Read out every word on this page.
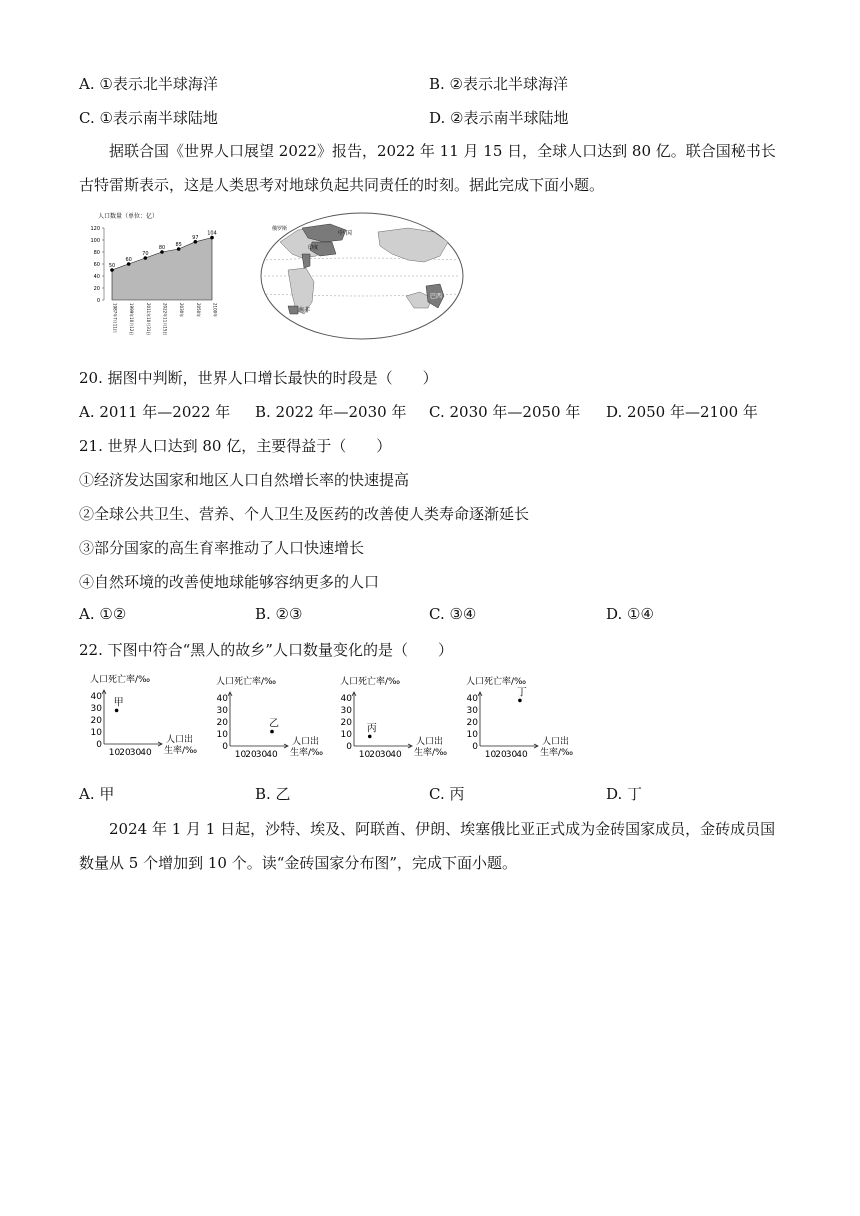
A. ①表示北半球海洋	B. ②表示北半球海洋
C. ①表示南半球陆地	D. ②表示南半球陆地
据联合国《世界人口展望 2022》报告，2022 年 11 月 15 日，全球人口达到 80 亿。联合国秘书长古特雷斯表示，这是人类思考对地球负起共同责任的时刻。据此完成下面小题。
人口数量（单位：亿）
0
20
40
60
80
100
120
50
60
70
80 85
97
104
1987年7月11日	1999年10月12日	2011年10月31日	2022年11月15日	2030年	2050年	2100年
中 国
印度
俄罗斯
巴西
南非
20. 据图中判断，世界人口增长最快的时段是（　　）
A. 2011 年—2022 年 B. 2022 年—2030 年 C. 2030 年—2050 年 D. 2050 年—2100 年
21. 世界人口达到 80 亿，主要得益于（　　）
①经济发达国家和地区人口自然增长率的快速提高
②全球公共卫生、营养、个人卫生及医药的改善使人类寿命逐渐延长
③部分国家的高生育率推动了人口快速增长
④自然环境的改善使地球能够容纳更多的人口
A. ①②	B. ②③	C. ③④	D. ①④
22. 下图中符合“黑人的故乡”人口数量变化的是（　　）
人口死亡率/‰
人口出
生率/‰
0
10
20
30
40
10 20 30 40
甲
人口死亡率/‰
人口出
生率/‰
0
10
20
30
40
10 20 30 40
乙
人口死亡率/‰
人口出
生率/‰
0
10
20
30
40
10 20 30 40
丙
人口死亡率/‰
人口出
生率/‰
0
10
20
30
40
10 20 30 40
丁
A. 甲	B. 乙	C. 丙	D. 丁
2024 年 1 月 1 日起，沙特、埃及、阿联酋、伊朗、埃塞俄比亚正式成为金砖国家成员，金砖成员国数量从 5 个增加到 10 个。读“金砖国家分布图”，完成下面小题。
